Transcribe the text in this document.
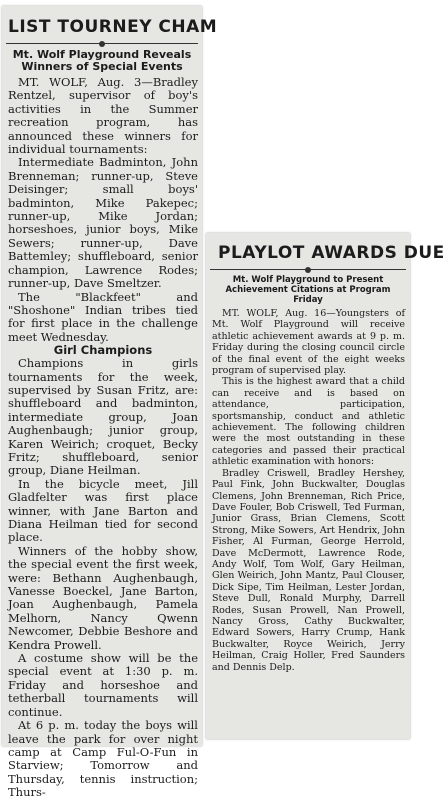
LIST TOURNEY CHAM
Mt. Wolf Playground Reveals Winners of Special Events

MT. WOLF, Aug. 3—Bradley Rentzel, supervisor of boy's activities in the Summer recreation program, has announced these winners for individual tournaments:

Intermediate Badminton, John Brenneman; runner-up, Steve Deisinger; small boys' badminton, Mike Pakepec; runner-up, Mike Jordan; horseshoes, junior boys, Mike Sewers; runner-up, Dave Battemley; shuffleboard, senior champion, Lawrence Rodes; runner-up, Dave Smeltzer.

The "Blackfeet" and "Shoshone" Indian tribes tied for first place in the challenge meet Wednesday.

Girl Champions

Champions in girls tournaments for the week, supervised by Susan Fritz, are: shuffleboard and badminton, intermediate group, Joan Aughenbaugh; junior group, Karen Weirich; croquet, Becky Fritz; shuffleboard, senior group, Diane Heilman.

In the bicycle meet, Jill Gladfelter was first place winner, with Jane Barton and Diana Heilman tied for second place.

Winners of the hobby show, the special event the first week, were: Bethann Aughenbaugh, Vanesse Boeckel, Jane Barton, Joan Aughenbaugh, Pamela Melhorn, Nancy Qwenn Newcomer, Debbie Beshore and Kendra Prowell.

A costume show will be the special event at 1:30 p. m. Friday and horseshoe and tetherball tournaments will continue.

At 6 p. m. today the boys will leave the park for over night camp at Camp Ful-O-Fun in Starview; Tomorrow and Thursday, tennis instruction; Thurs-

PLAYLOT AWARDS DUE
Mt. Wolf Playground to Present Achievement Citations at Program Friday

MT. WOLF, Aug. 16—Youngsters of Mt. Wolf Playground will receive athletic achievement awards at 9 p. m. Friday during the closing council circle of the final event of the eight weeks program of supervised play.

This is the highest award that a child can receive and is based on attendance, participation, sportsmanship, conduct and athletic achievement. The following children were the most outstanding in these categories and passed their practical athletic examination with honors:

Bradley Criswell, Bradley Hershey, Paul Fink, John Buckwalter, Douglas Clemens, John Brenneman, Rich Price, Dave Fouler, Bob Criswell, Ted Furman, Junior Grass, Brian Clemens, Scott Strong, Mike Sowers, Art Hendrix, John Fisher, Al Furman, George Herrold, Dave McDermott, Lawrence Rode, Andy Wolf, Tom Wolf, Gary Heilman, Glen Weirich, John Mantz, Paul Clouser, Dick Sipe, Tim Heilman, Lester Jordan, Steve Dull, Ronald Murphy, Darrell Rodes, Susan Prowell, Nan Prowell, Nancy Gross, Cathy Buckwalter, Edward Sowers, Harry Crump, Hank Buckwalter, Royce Weirich, Jerry Heilman, Craig Holler, Fred Saunders and Dennis Delp.
